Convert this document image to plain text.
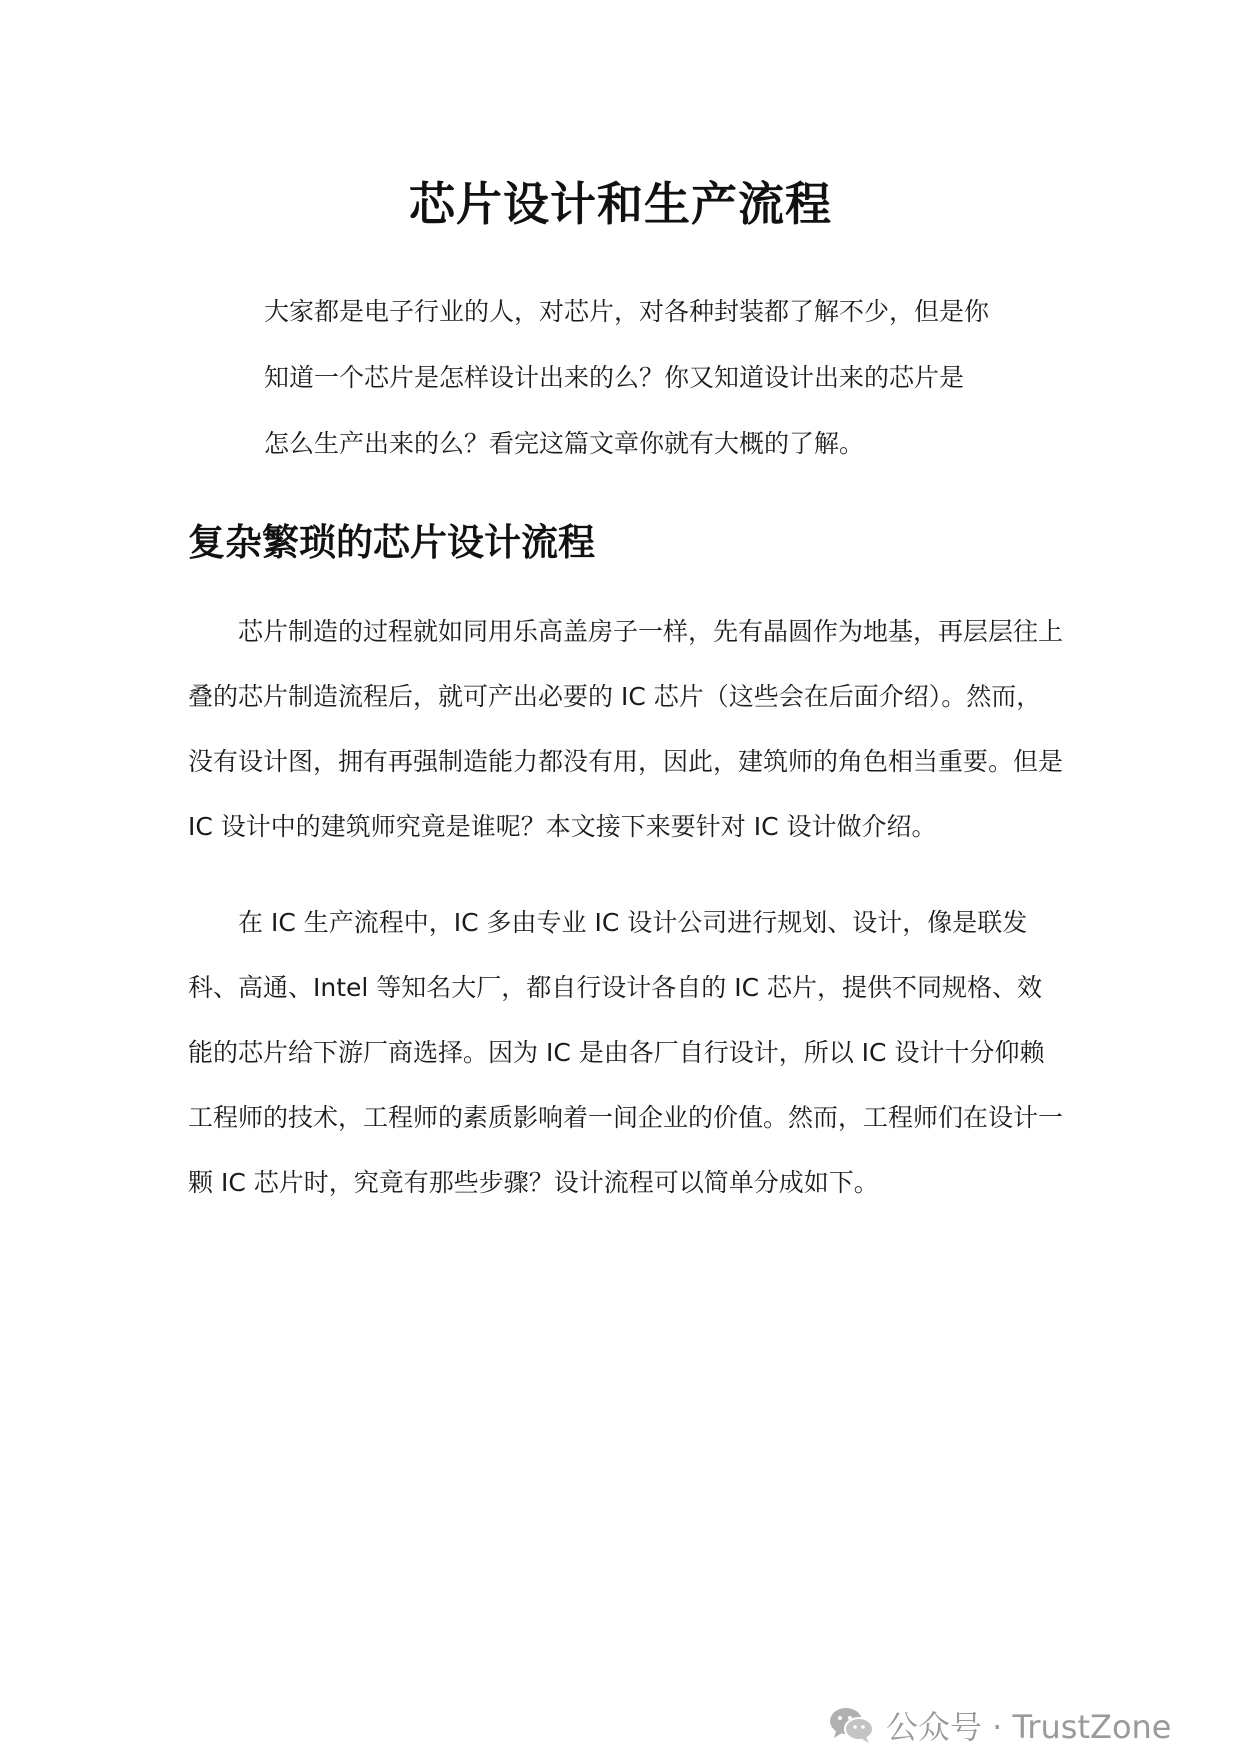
芯片设计和生产流程
大家都是电子行业的人，对芯片，对各种封装都了解不少，但是你
知道一个芯片是怎样设计出来的么？你又知道设计出来的芯片是
怎么生产出来的么？看完这篇文章你就有大概的了解。
复杂繁琐的芯片设计流程
芯片制造的过程就如同用乐高盖房子一样，先有晶圆作为地基，再层层往上
叠的芯片制造流程后，就可产出必要的 IC 芯片（这些会在后面介绍）。然而，
没有设计图，拥有再强制造能力都没有用，因此，建筑师的角色相当重要。但是
IC 设计中的建筑师究竟是谁呢？本文接下来要针对 IC 设计做介绍。
在 IC 生产流程中，IC 多由专业 IC 设计公司进行规划、设计，像是联发
科、高通、Intel 等知名大厂，都自行设计各自的 IC 芯片，提供不同规格、效
能的芯片给下游厂商选择。因为 IC 是由各厂自行设计，所以 IC 设计十分仰赖
工程师的技术，工程师的素质影响着一间企业的价值。然而，工程师们在设计一
颗 IC 芯片时，究竟有那些步骤？设计流程可以简单分成如下。
公众号 · TrustZone
